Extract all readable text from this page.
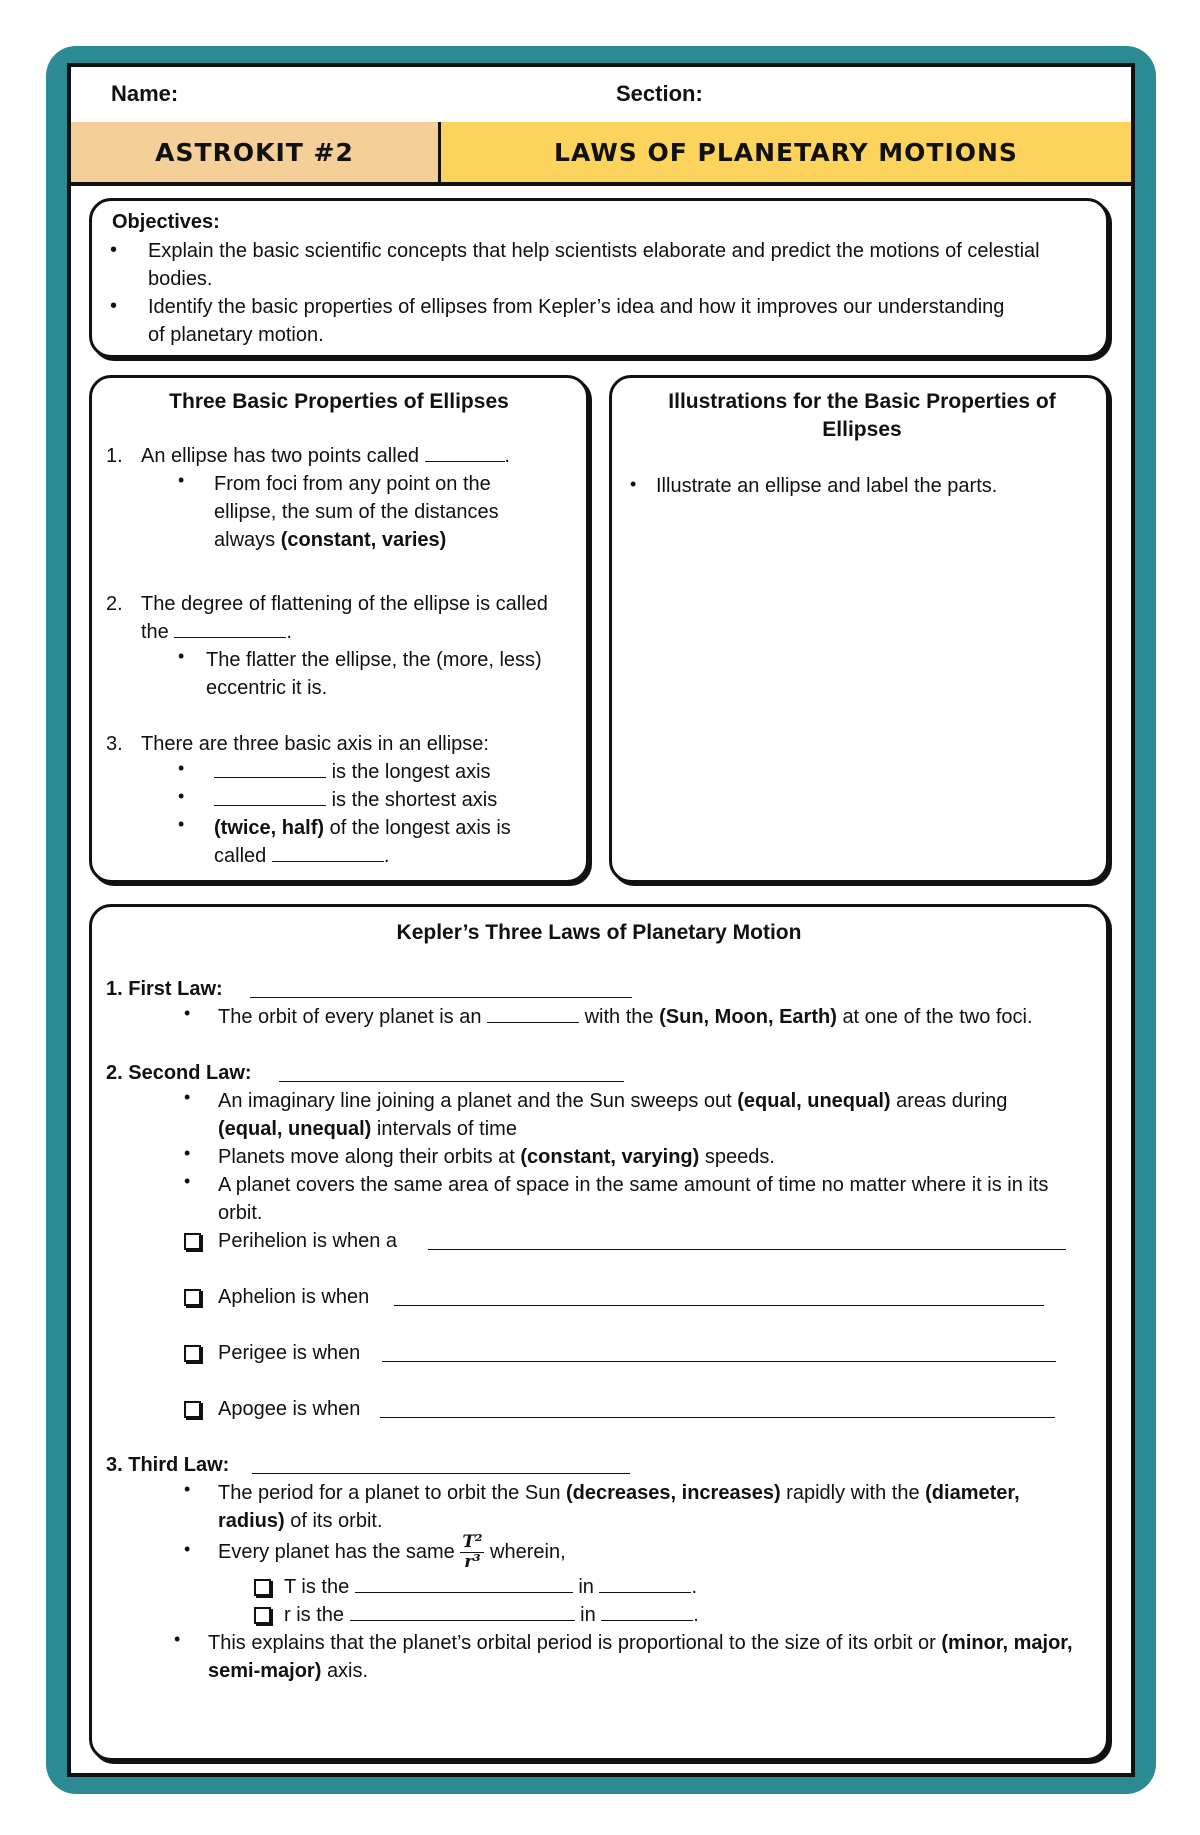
Name:	Section:
ASTROKIT #2	LAWS OF PLANETARY MOTIONS
Objectives:
• Explain the basic scientific concepts that help scientists elaborate and predict the motions of celestial bodies.
• Identify the basic properties of ellipses from Kepler’s idea and how it improves our understanding of planetary motion.
Three Basic Properties of Ellipses
1. An ellipse has two points called	.
• From foci from any point on the ellipse, the sum of the distances always (constant, varies)
2. The degree of flattening of the ellipse is called the	.
• The flatter the ellipse, the (more, less) eccentric it is.
3. There are three basic axis in an ellipse:
•	is the longest axis
•	is the shortest axis
• (twice, half) of the longest axis is called	.
Illustrations for the Basic Properties of Ellipses
• Illustrate an ellipse and label the parts.
Kepler’s Three Laws of Planetary Motion
1. First Law:
• The orbit of every planet is an	with the (Sun, Moon, Earth) at one of the two foci.
2. Second Law:
• An imaginary line joining a planet and the Sun sweeps out (equal, unequal) areas during (equal, unequal) intervals of time
• Planets move along their orbits at (constant, varying) speeds.
• A planet covers the same area of space in the same amount of time no matter where it is in its orbit.
Perihelion is when a
Aphelion is when
Perigee is when
Apogee is when
3. Third Law:
• The period for a planet to orbit the Sun (decreases, increases) rapidly with the (diameter, radius) of its orbit.
• Every planet has the same $\frac{\text{T²}}{\text{r³}}$ wherein,
T is the	in	.
r is the	in	.
• This explains that the planet’s orbital period is proportional to the size of its orbit or (minor, major, semi-major) axis.
